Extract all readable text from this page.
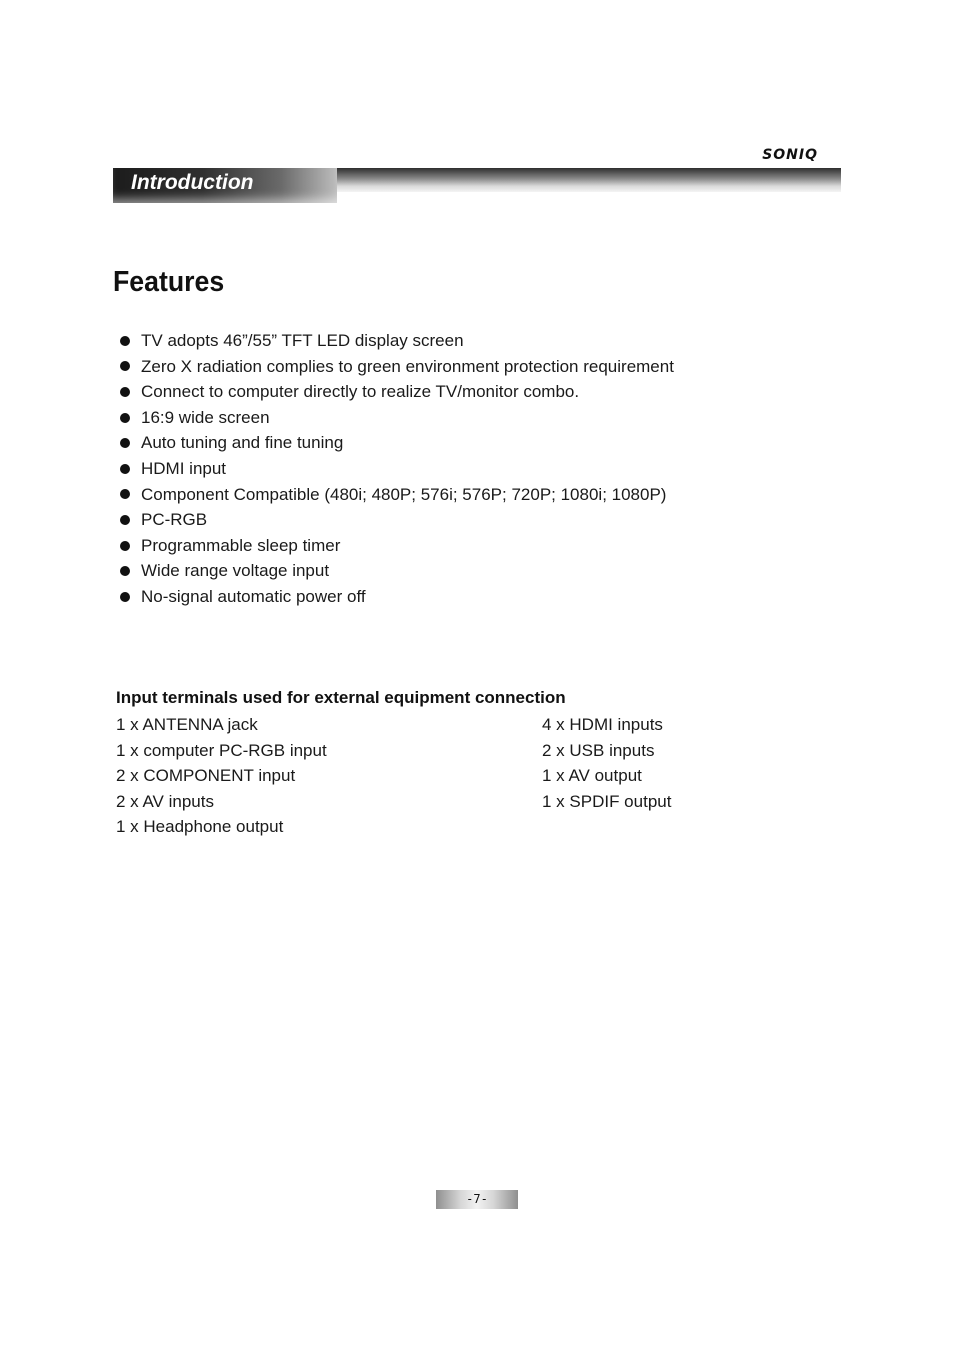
SONIQ
Introduction
Features
TV adopts 46”/55” TFT LED display screen
Zero X radiation complies to green environment protection requirement
Connect to computer directly to realize TV/monitor combo.
16:9 wide screen
Auto tuning and fine tuning
HDMI input
Component Compatible (480i; 480P; 576i; 576P; 720P; 1080i; 1080P)
PC-RGB
Programmable sleep timer
Wide range voltage input
No-signal automatic power off
Input terminals used for external equipment connection
1 x ANTENNA jack
1 x computer PC-RGB input
2 x COMPONENT input
2 x AV inputs
1 x Headphone output
4 x HDMI inputs
2 x USB inputs
1 x AV output
1 x SPDIF output
-7-
